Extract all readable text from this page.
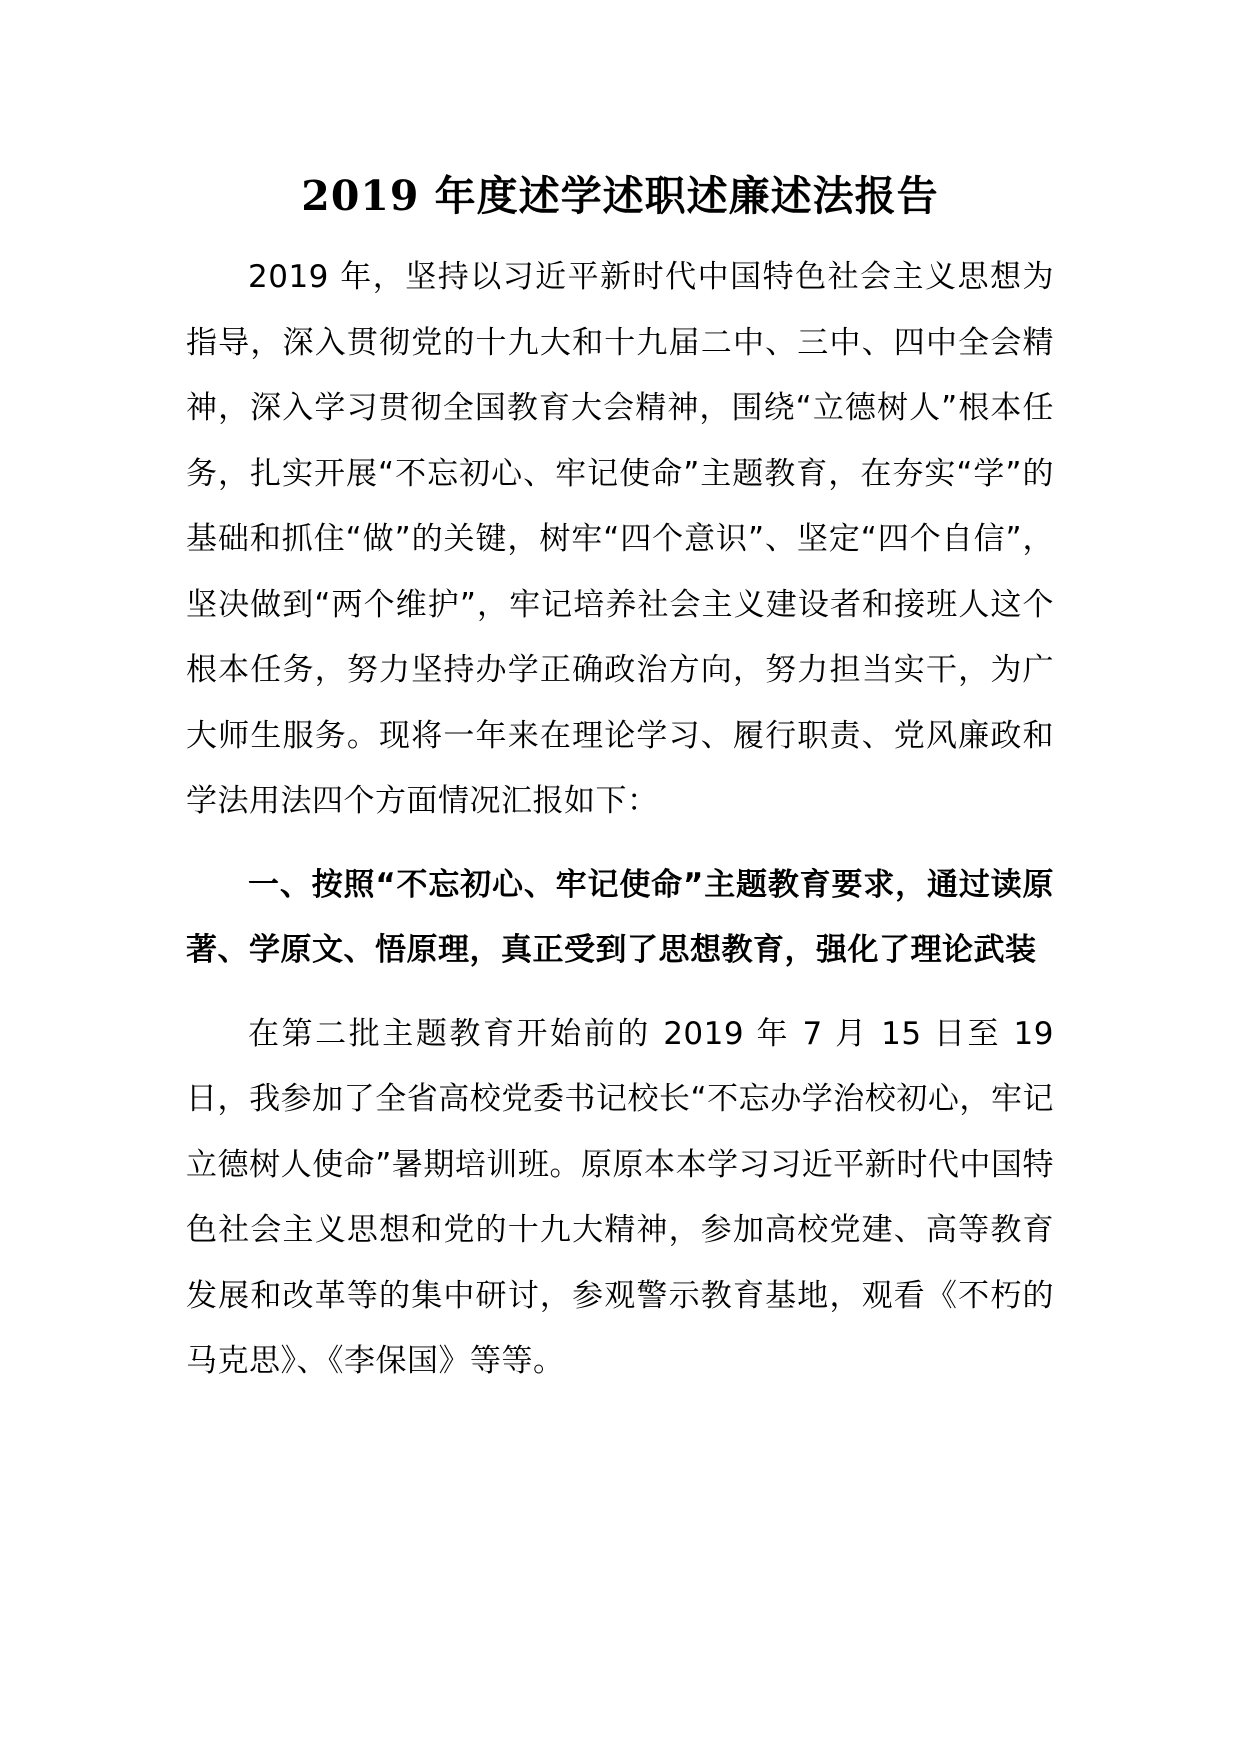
2019 年度述学述职述廉述法报告

2019 年，坚持以习近平新时代中国特色社会主义思想为指导，深入贯彻党的十九大和十九届二中、三中、四中全会精神，深入学习贯彻全国教育大会精神，围绕“立德树人”根本任务，扎实开展“不忘初心、牢记使命”主题教育，在夯实“学”的基础和抓住“做”的关键，树牢“四个意识”、坚定“四个自信”，坚决做到“两个维护”，牢记培养社会主义建设者和接班人这个根本任务，努力坚持办学正确政治方向，努力担当实干，为广大师生服务。现将一年来在理论学习、履行职责、党风廉政和学法用法四个方面情况汇报如下：

一、按照“不忘初心、牢记使命”主题教育要求，通过读原著、学原文、悟原理，真正受到了思想教育，强化了理论武装

在第二批主题教育开始前的 2019 年 7 月 15 日至 19 日，我参加了全省高校党委书记校长“不忘办学治校初心，牢记立德树人使命”暑期培训班。原原本本学习习近平新时代中国特色社会主义思想和党的十九大精神，参加高校党建、高等教育发展和改革等的集中研讨，参观警示教育基地，观看《不朽的马克思》、《李保国》等等。
